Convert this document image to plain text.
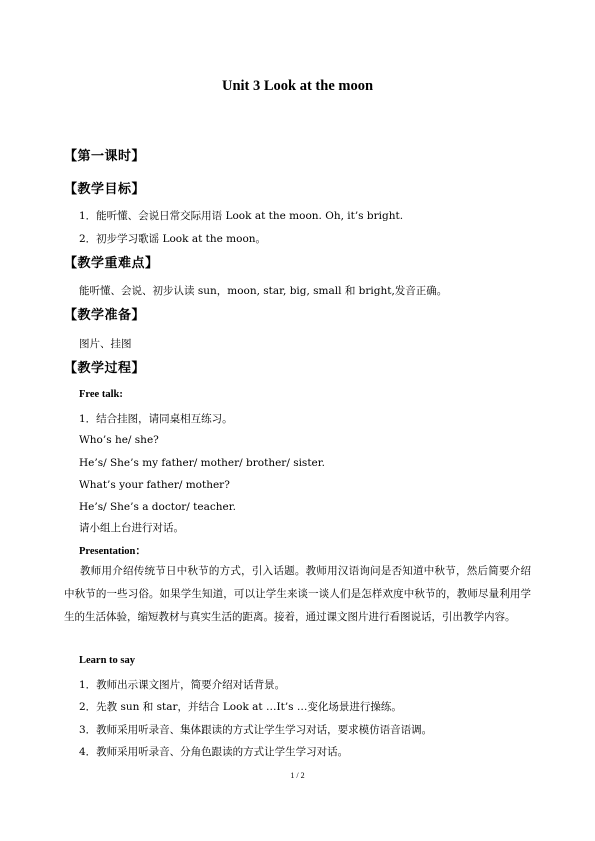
Unit 3 Look at the moon
【第一课时】
【教学目标】
1．能听懂、会说日常交际用语 Look at the moon. Oh, it’s bright.
2．初步学习歌谣 Look at the moon。
【教学重难点】
能听懂、会说、初步认读 sun，moon, star, big, small 和 bright,发音正确。
【教学准备】
图片、挂图
【教学过程】
Free talk:
1．结合挂图，请同桌相互练习。
Who’s he/ she?
He’s/ She’s my father/ mother/ brother/ sister.
What’s your father/ mother?
He’s/ She’s a doctor/ teacher.
请小组上台进行对话。
Presentation：
教师用介绍传统节日中秋节的方式，引入话题。教师用汉语询问是否知道中秋节，然后简要介绍中秋节的一些习俗。如果学生知道，可以让学生来谈一谈人们是怎样欢度中秋节的，教师尽量利用学生的生活体验，缩短教材与真实生活的距离。接着，通过课文图片进行看图说话，引出教学内容。
Learn to say
1．教师出示课文图片，简要介绍对话背景。
2．先教 sun 和 star，并结合 Look at …It’s …变化场景进行操练。
3．教师采用听录音、集体跟读的方式让学生学习对话，要求模仿语音语调。
4．教师采用听录音、分角色跟读的方式让学生学习对话。
1 / 2
